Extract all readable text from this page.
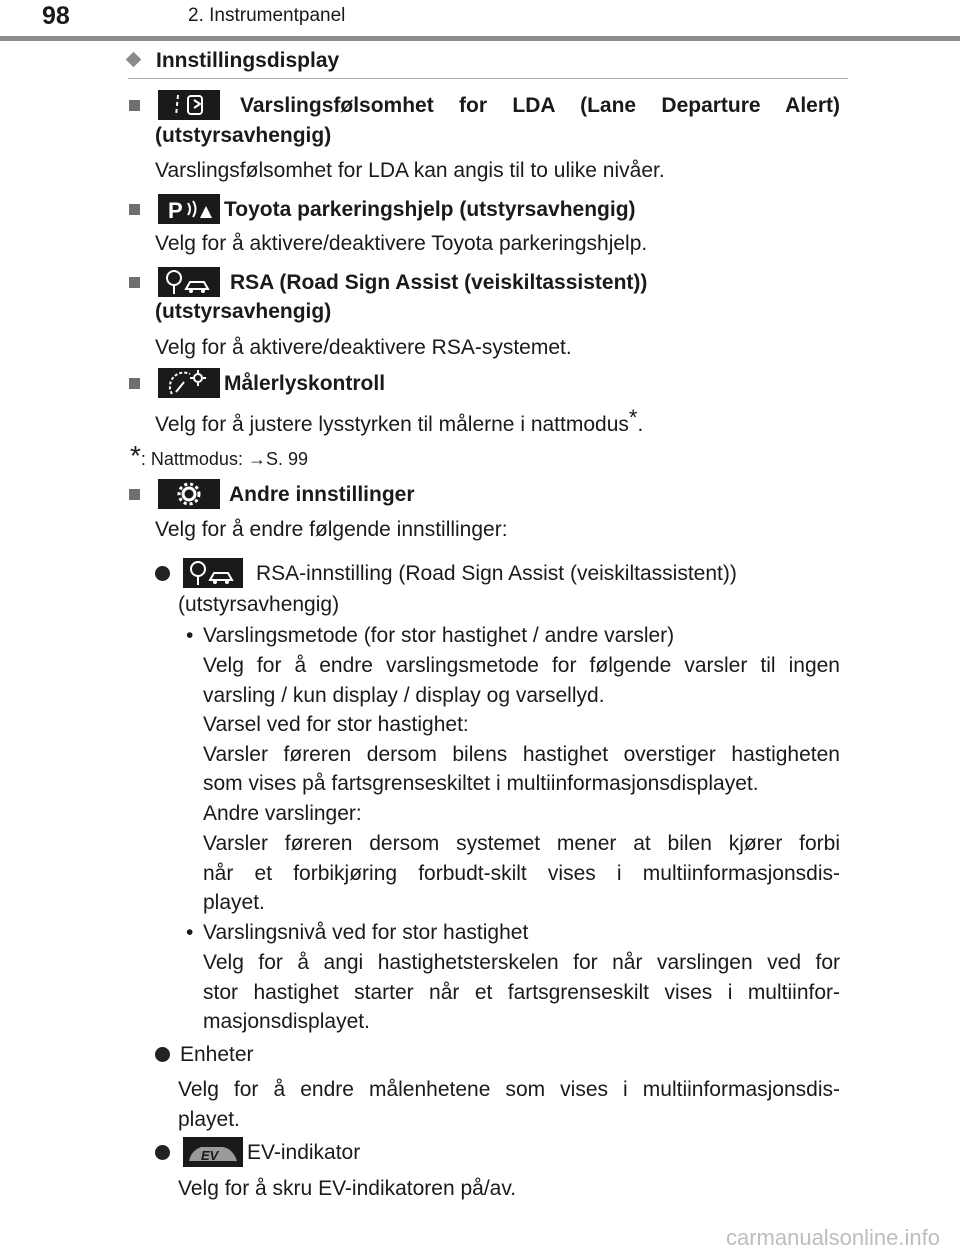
98	2. Instrumentpanel
Innstillingsdisplay
Varslingsfølsomhet for LDA (Lane Departure Alert)
(utstyrsavhengig)
Varslingsfølsomhet for LDA kan angis til to ulike nivåer.
P Toyota parkeringshjelp (utstyrsavhengig)
Velg for å aktivere/deaktivere Toyota parkeringshjelp.
RSA (Road Sign Assist (veiskiltassistent))
(utstyrsavhengig)
Velg for å aktivere/deaktivere RSA-systemet.
Målerlyskontroll
Velg for å justere lysstyrken til målerne i nattmodus*.
*: Nattmodus: →S. 99
Andre innstillinger
Velg for å endre følgende innstillinger:
RSA-innstilling (Road Sign Assist (veiskiltassistent))
(utstyrsavhengig)
• Varslingsmetode (for stor hastighet / andre varsler)
Velg for å endre varslingsmetode for følgende varsler til ingen
varsling / kun display / display og varsellyd.
Varsel ved for stor hastighet:
Varsler føreren dersom bilens hastighet overstiger hastigheten
som vises på fartsgrenseskiltet i multiinformasjonsdisplayet.
Andre varslinger:
Varsler føreren dersom systemet mener at bilen kjører forbi
når et forbikjøring forbudt-skilt vises i multiinformasjonsdis-
playet.
• Varslingsnivå ved for stor hastighet
Velg for å angi hastighetsterskelen for når varslingen ved for
stor hastighet starter når et fartsgrenseskilt vises i multiinfor-
masjonsdisplayet.
Enheter
Velg for å endre målenhetene som vises i multiinformasjonsdis-
playet.
EV EV-indikator
Velg for å skru EV-indikatoren på/av.
carmanualsonline.info
